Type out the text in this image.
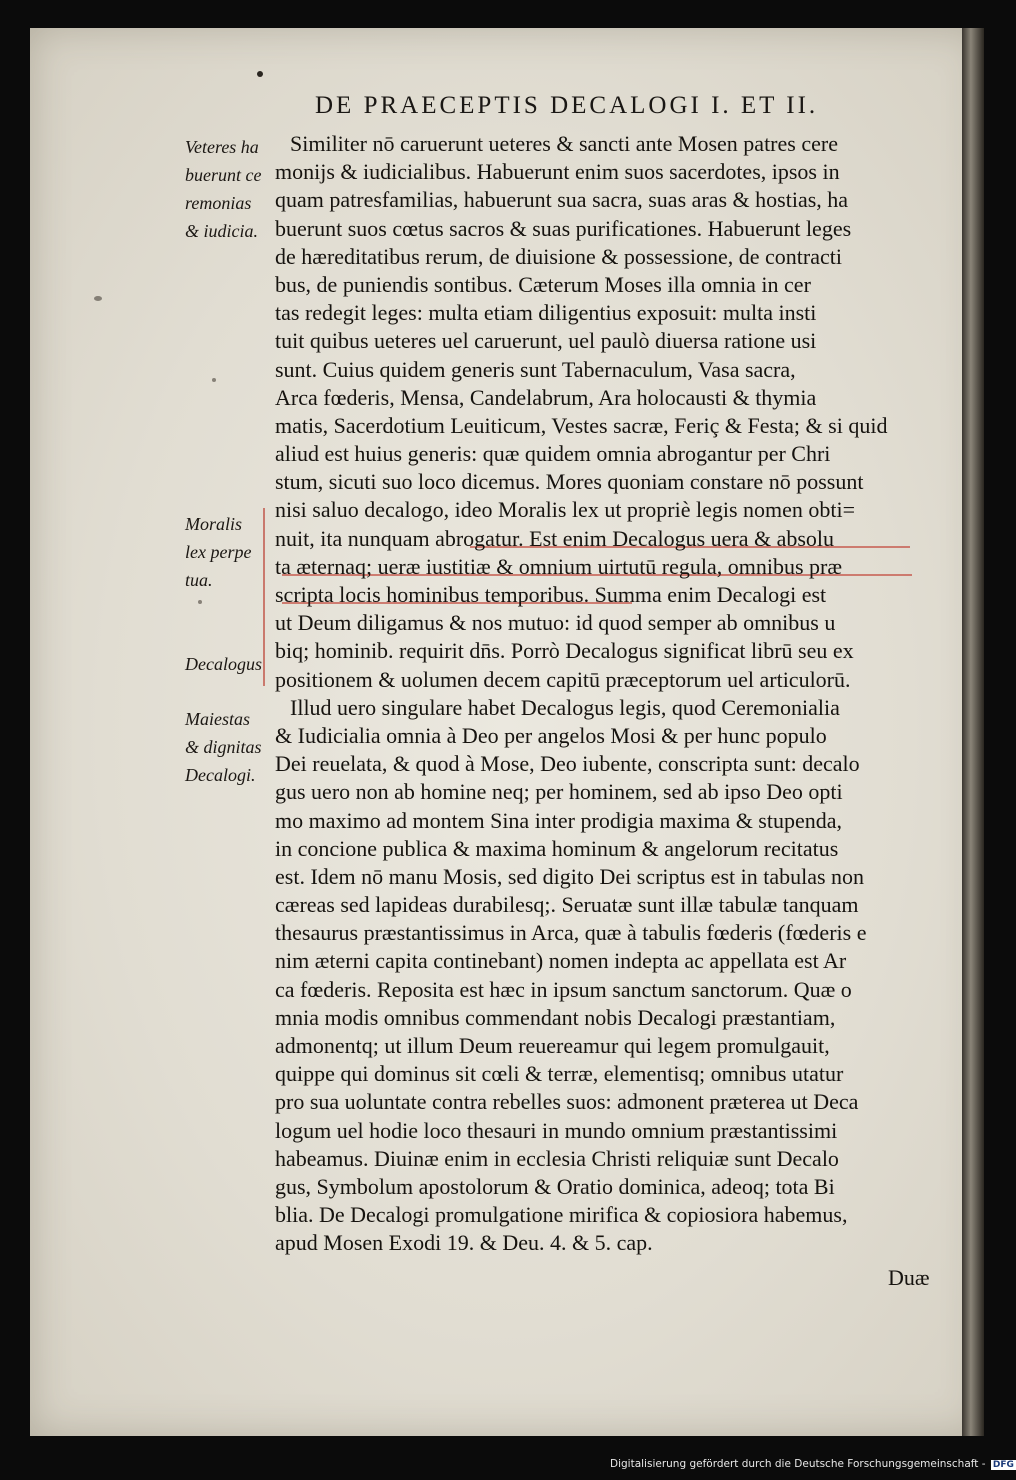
DE PRAECEPTIS DECALOGI I. ET II.
Veteres ha
buerunt ce
remonias
& iudicia.
Moralis
lex perpe
tua.
Decalogus
Maiestas
& dignitas
Decalogi.
Similiter nō caruerunt ueteres & sancti ante Mosen patres cere
monijs & iudicialibus. Habuerunt enim suos sacerdotes, ipsos in
quam patresfamilias, habuerunt sua sacra, suas aras & hostias, ha
buerunt suos cœtus sacros & suas purificationes. Habuerunt leges
de hæreditatibus rerum, de diuisione & possessione, de contracti
bus, de puniendis sontibus. Cæterum Moses illa omnia in cer
tas redegit leges: multa etiam diligentius exposuit: multa insti
tuit quibus ueteres uel caruerunt, uel paulò diuersa ratione usi
sunt. Cuius quidem generis sunt Tabernaculum, Vasa sacra,
Arca fœderis, Mensa, Candelabrum, Ara holocausti & thymia
matis, Sacerdotium Leuiticum, Vestes sacræ, Feriç & Festa; & si quid
aliud est huius generis: quæ quidem omnia abrogantur per Chri
stum, sicuti suo loco dicemus. Mores quoniam constare nō possunt
nisi saluo decalogo, ideo Moralis lex ut propriè legis nomen obti=
nuit, ita nunquam abrogatur. Est enim Decalogus uera & absolu
ta æternaq; ueræ iustitiæ & omnium uirtutū regula, omnibus præ
scripta locis hominibus temporibus. Summa enim Decalogi est
ut Deum diligamus & nos mutuo: id quod semper ab omnibus u
biq; hominib. requirit dn̄s. Porrò Decalogus significat librū seu ex
positionem & uolumen decem capitū præceptorum uel articulorū.
Illud uero singulare habet Decalogus legis, quod Ceremonialia
& Iudicialia omnia à Deo per angelos Mosi & per hunc populo
Dei reuelata, & quod à Mose, Deo iubente, conscripta sunt: decalo
gus uero non ab homine neq; per hominem, sed ab ipso Deo opti
mo maximo ad montem Sina inter prodigia maxima & stupenda,
in concione publica & maxima hominum & angelorum recitatus
est. Idem nō manu Mosis, sed digito Dei scriptus est in tabulas non
cæreas sed lapideas durabilesq;. Seruatæ sunt illæ tabulæ tanquam
thesaurus præstantissimus in Arca, quæ à tabulis fœderis (fœderis e
nim æterni capita continebant) nomen indepta ac appellata est Ar
ca fœderis. Reposita est hæc in ipsum sanctum sanctorum. Quæ o
mnia modis omnibus commendant nobis Decalogi præstantiam,
admonentq; ut illum Deum reuereamur qui legem promulgauit,
quippe qui dominus sit cœli & terræ, elementisq; omnibus utatur
pro sua uoluntate contra rebelles suos: admonent præterea ut Deca
logum uel hodie loco thesauri in mundo omnium præstantissimi
habeamus. Diuinæ enim in ecclesia Christi reliquiæ sunt Decalo
gus, Symbolum apostolorum & Oratio dominica, adeoq; tota Bi
blia. De Decalogi promulgatione mirifica & copiosiora habemus,
apud Mosen Exodi 19. & Deu. 4. & 5. cap.
Duæ
Digitalisierung gefördert durch die Deutsche Forschungsgemeinschaft - DFG
